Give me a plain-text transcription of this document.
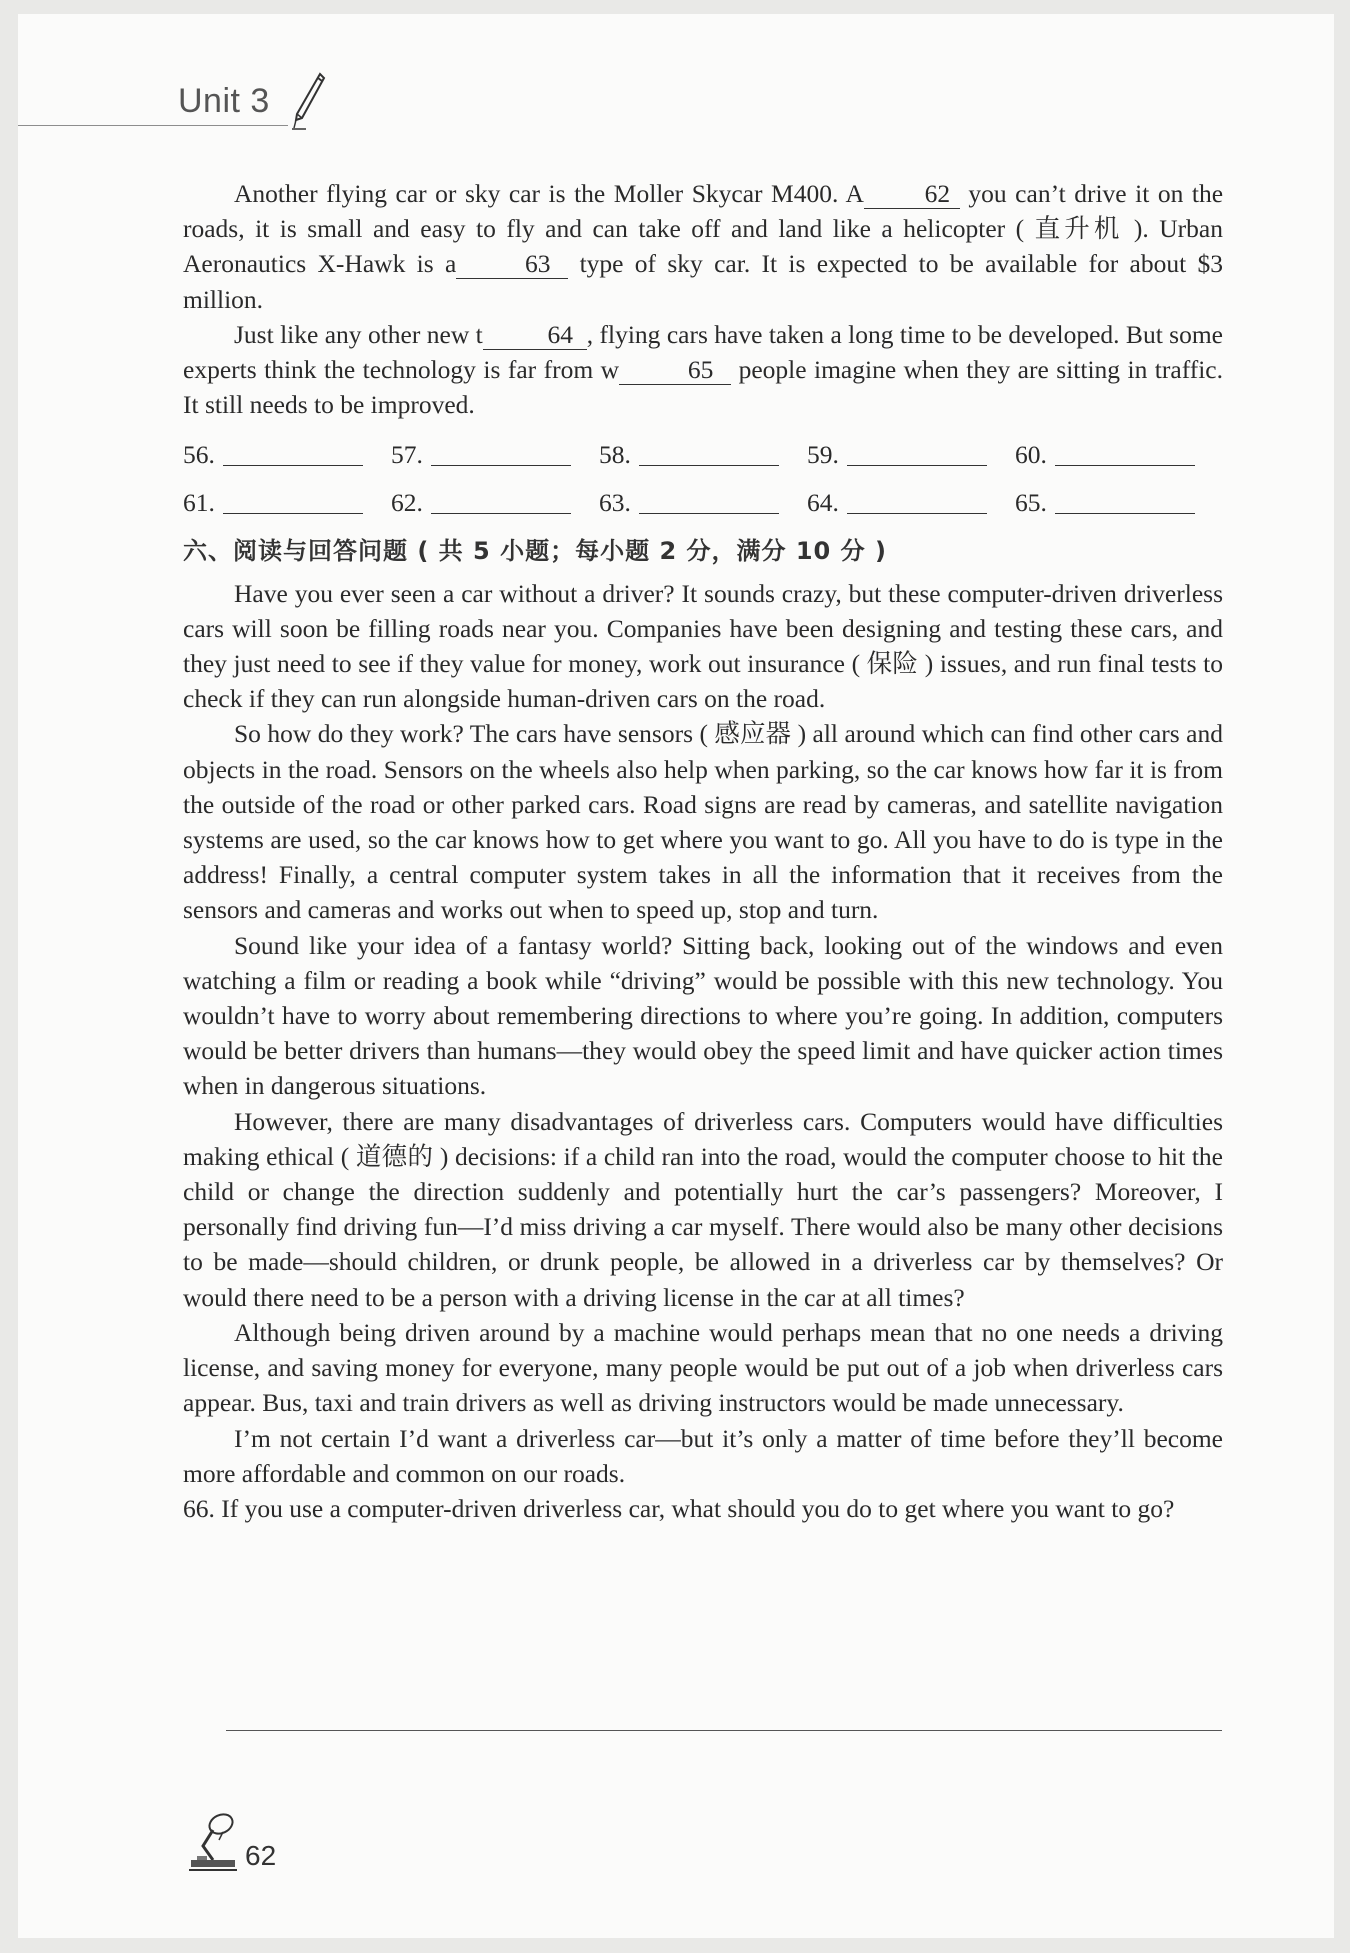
Unit 3

Another flying car or sky car is the Moller Skycar M400. A 62 you can’t drive it on the roads, it is small and easy to fly and can take off and land like a helicopter ( 直升机 ). Urban Aeronautics X-Hawk is a	63 type of sky car. It is expected to be available for about $3 million.

Just like any other new t	64 , flying cars have taken a long time to be developed. But some experts think the technology is far from w	65 people imagine when they are sitting in traffic. It still needs to be improved.

56.	57.	58.	59.	60.
61.	62.	63.	64.	65.
六、阅读与回答问题 ( 共 5 小题；每小题 2 分，满分 10 分 )

Have you ever seen a car without a driver? It sounds crazy, but these computer-driven driverless cars will soon be filling roads near you. Companies have been designing and testing these cars, and they just need to see if they value for money, work out insurance ( 保险 ) issues, and run final tests to check if they can run alongside human-driven cars on the road.

So how do they work? The cars have sensors ( 感应器 ) all around which can find other cars and objects in the road. Sensors on the wheels also help when parking, so the car knows how far it is from the outside of the road or other parked cars. Road signs are read by cameras, and satellite navigation systems are used, so the car knows how to get where you want to go. All you have to do is type in the address! Finally, a central computer system takes in all the information that it receives from the sensors and cameras and works out when to speed up, stop and turn.

Sound like your idea of a fantasy world? Sitting back, looking out of the windows and even watching a film or reading a book while “driving” would be possible with this new technology. You wouldn’t have to worry about remembering directions to where you’re going. In addition, computers would be better drivers than humans—they would obey the speed limit and have quicker action times when in dangerous situations.

However, there are many disadvantages of driverless cars. Computers would have difficulties making ethical ( 道德的 ) decisions: if a child ran into the road, would the computer choose to hit the child or change the direction suddenly and potentially hurt the car’s passengers? Moreover, I personally find driving fun—I’d miss driving a car myself. There would also be many other decisions to be made—should children, or drunk people, be allowed in a driverless car by themselves? Or would there need to be a person with a driving license in the car at all times?

Although being driven around by a machine would perhaps mean that no one needs a driving license, and saving money for everyone, many people would be put out of a job when driverless cars appear. Bus, taxi and train drivers as well as driving instructors would be made unnecessary.

I’m not certain I’d want a driverless car—but it’s only a matter of time before they’ll become more affordable and common on our roads.

66. If you use a computer-driven driverless car, what should you do to get where you want to go?

62
